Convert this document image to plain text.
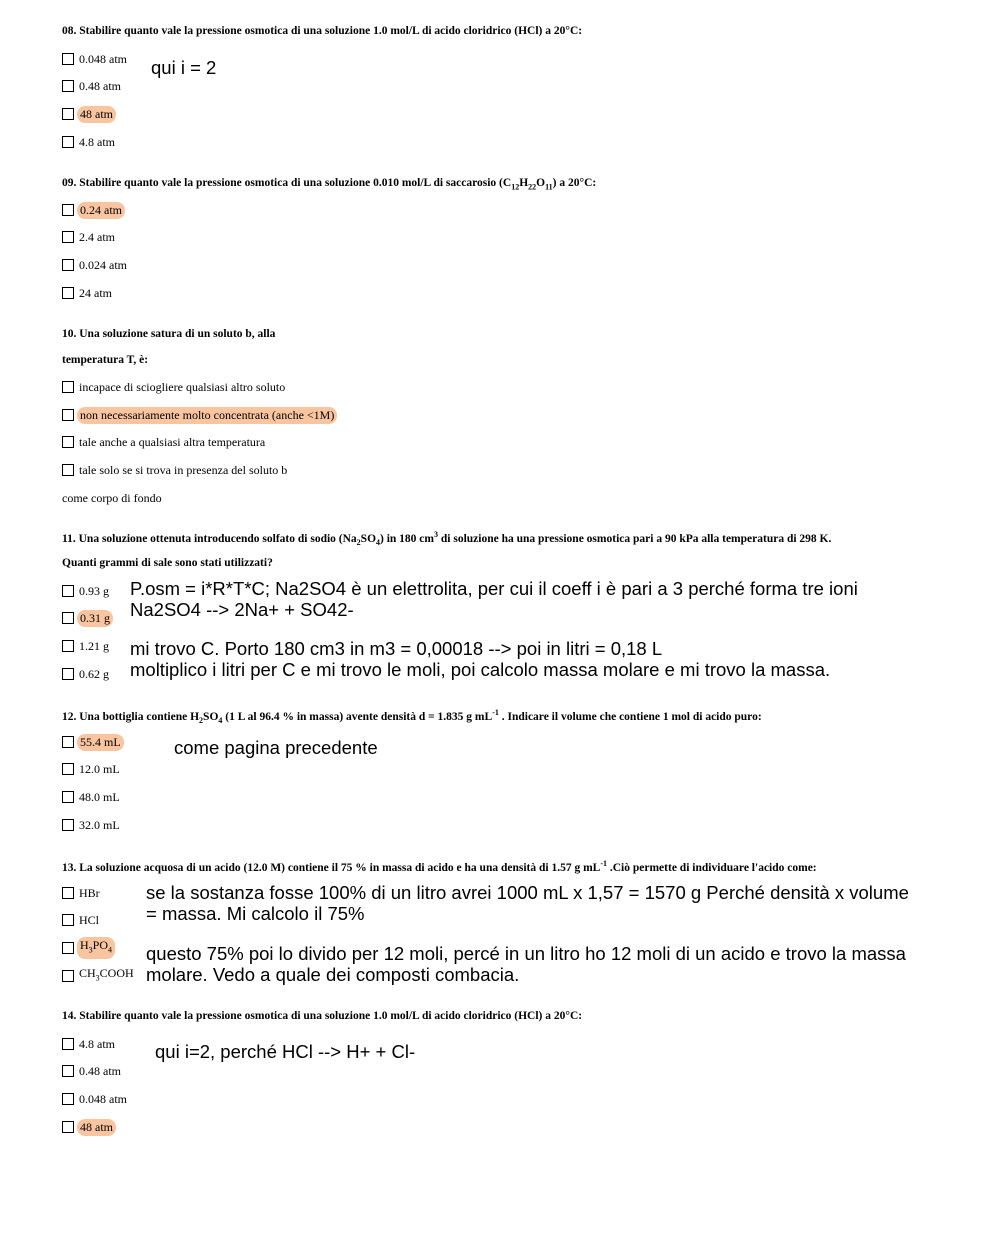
08. Stabilire quanto vale la pressione osmotica di una soluzione 1.0 mol/L di acido cloridrico (HCl) a 20°C:
0.048 atm
0.48 atm
48 atm
4.8 atm
qui i = 2
09. Stabilire quanto vale la pressione osmotica di una soluzione 0.010 mol/L di saccarosio $(C_{12}H_{22}O_{11})$ a 20°C:
0.24 atm
2.4 atm
0.024 atm
24 atm
10. Una soluzione satura di un soluto b, alla
temperatura T, è:
incapace di sciogliere qualsiasi altro soluto
non necessariamente molto concentrata (anche <1M)
tale anche a qualsiasi altra temperatura
tale solo se si trova in presenza del soluto b
come corpo di fondo
11. Una soluzione ottenuta introducendo solfato di sodio $(Na_2SO_4)$ in 180 $cm^3$ di soluzione ha una pressione osmotica pari a 90 kPa alla temperatura di 298 K.
Quanti grammi di sale sono stati utilizzati?
0.93 g
0.31 g
1.21 g
0.62 g
P.osm = i*R*T*C; Na2SO4 è un elettrolita, per cui il coeff i è pari a 3 perché forma tre ioni
Na2SO4 --> 2Na+ + SO42-
mi trovo C. Porto 180 cm3 in m3 = 0,00018 --> poi in litri = 0,18 L
moltiplico i litri per C e mi trovo le moli, poi calcolo massa molare e mi trovo la massa.
12. Una bottiglia contiene $H_2SO_4$ (1 L al 96.4 % in massa) avente densità d = 1.835 g $mL^{-1}$ . Indicare il volume che contiene 1 mol di acido puro:
55.4 mL
12.0 mL
48.0 mL
32.0 mL
come pagina precedente
13. La soluzione acquosa di un acido (12.0 M) contiene il 75 % in massa di acido e ha una densità di 1.57 g $mL^{-1}$ .Ciò permette di individuare l'acido come:
HBr
HCl
$H_3PO_4$
$CH_3COOH$
se la sostanza fosse 100% di un litro avrei 1000 mL x 1,57 = 1570 g Perché densità x volume
= massa. Mi calcolo il 75%
questo 75% poi lo divido per 12 moli, percé in un litro ho 12 moli di un acido e trovo la massa
molare. Vedo a quale dei composti combacia.
14. Stabilire quanto vale la pressione osmotica di una soluzione 1.0 mol/L di acido cloridrico (HCl) a 20°C:
4.8 atm
0.48 atm
0.048 atm
48 atm
qui i=2, perché HCl --> H+ + Cl-
